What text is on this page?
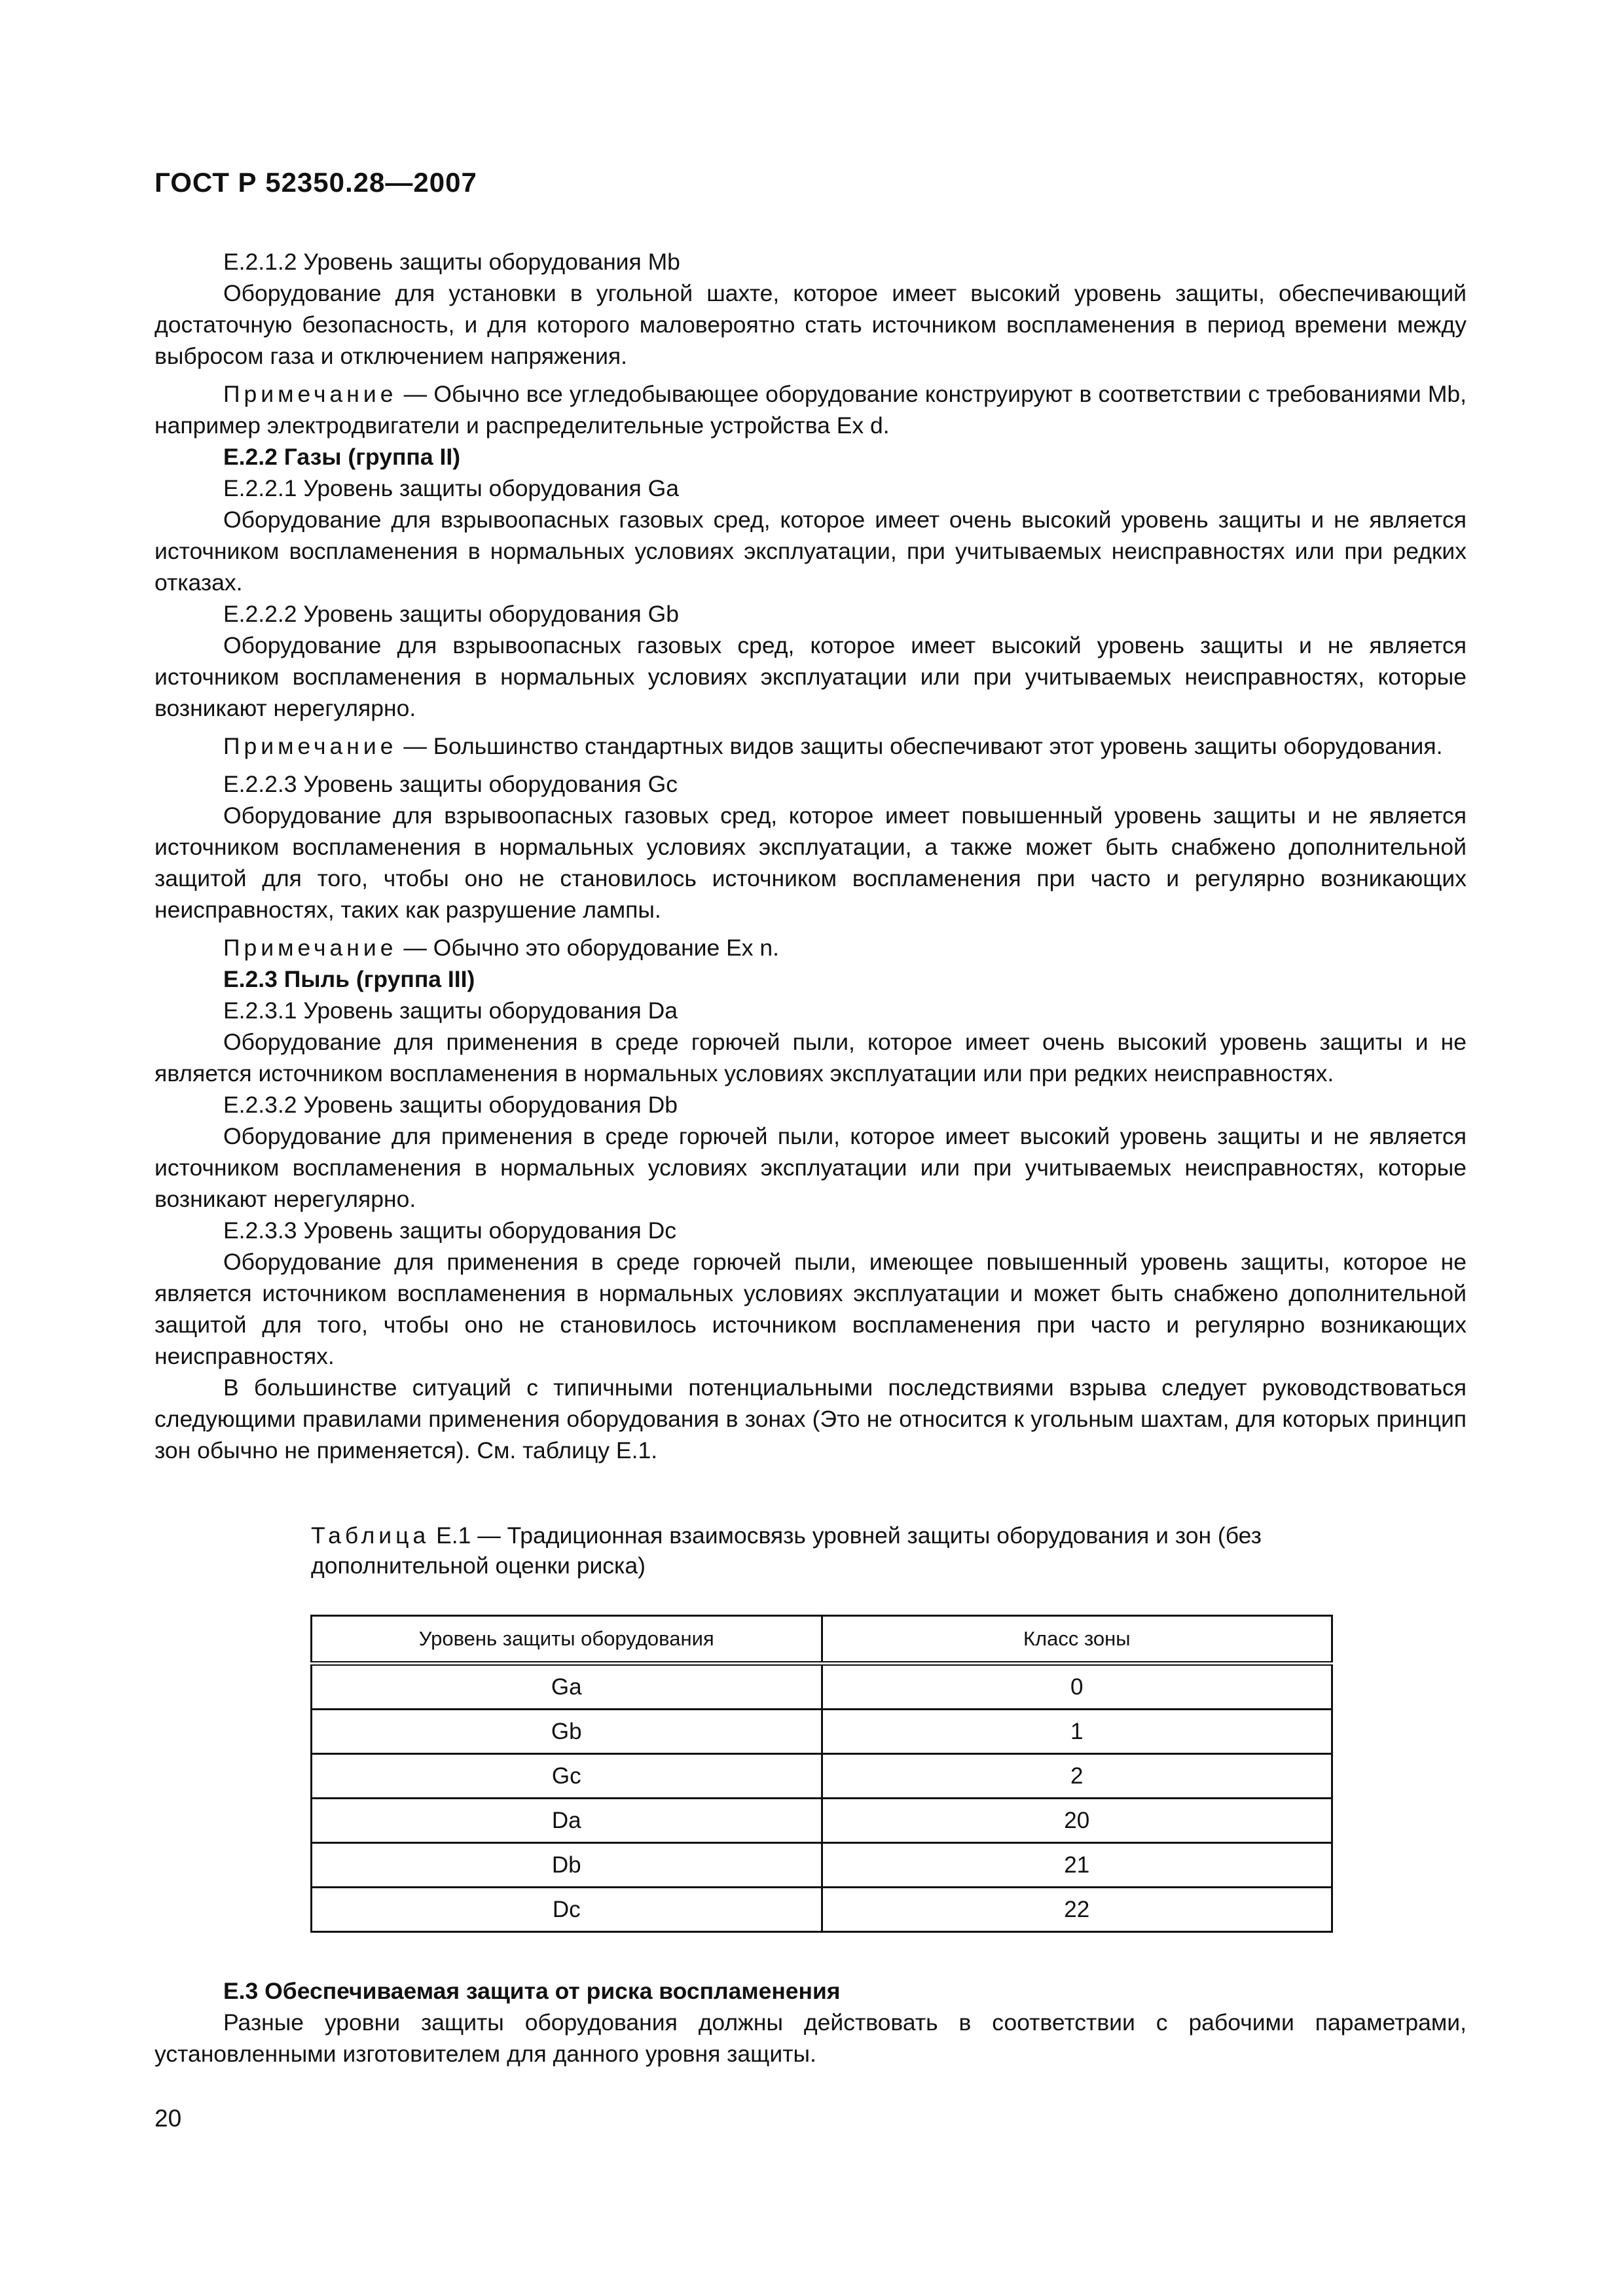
ГОСТ Р 52350.28—2007

Е.2.1.2 Уровень защиты оборудования Mb

Оборудование для установки в угольной шахте, которое имеет высокий уровень защиты, обеспечивающий достаточную безопасность, и для которого маловероятно стать источником воспламенения в период времени между выбросом газа и отключением напряжения.

Примечание — Обычно все угледобывающее оборудование конструируют в соответствии с требованиями Mb, например электродвигатели и распределительные устройства Ex d.

Е.2.2 Газы (группа II)

Е.2.2.1 Уровень защиты оборудования Ga

Оборудование для взрывоопасных газовых сред, которое имеет очень высокий уровень защиты и не является источником воспламенения в нормальных условиях эксплуатации, при учитываемых неисправностях или при редких отказах.

Е.2.2.2 Уровень защиты оборудования Gb

Оборудование для взрывоопасных газовых сред, которое имеет высокий уровень защиты и не является источником воспламенения в нормальных условиях эксплуатации или при учитываемых неисправностях, которые возникают нерегулярно.

Примечание — Большинство стандартных видов защиты обеспечивают этот уровень защиты оборудования.

Е.2.2.3 Уровень защиты оборудования Gc

Оборудование для взрывоопасных газовых сред, которое имеет повышенный уровень защиты и не является источником воспламенения в нормальных условиях эксплуатации, а также может быть снабжено дополнительной защитой для того, чтобы оно не становилось источником воспламенения при часто и регулярно возникающих неисправностях, таких как разрушение лампы.

Примечание — Обычно это оборудование Ex n.

Е.2.3 Пыль (группа III)

Е.2.3.1 Уровень защиты оборудования Da

Оборудование для применения в среде горючей пыли, которое имеет очень высокий уровень защиты и не является источником воспламенения в нормальных условиях эксплуатации или при редких неисправностях.

Е.2.3.2 Уровень защиты оборудования Db

Оборудование для применения в среде горючей пыли, которое имеет высокий уровень защиты и не является источником воспламенения в нормальных условиях эксплуатации или при учитываемых неисправностях, которые возникают нерегулярно.

Е.2.3.3 Уровень защиты оборудования Dc

Оборудование для применения в среде горючей пыли, имеющее повышенный уровень защиты, которое не является источником воспламенения в нормальных условиях эксплуатации и может быть снабжено дополнительной защитой для того, чтобы оно не становилось источником воспламенения при часто и регулярно возникающих неисправностях.

В большинстве ситуаций с типичными потенциальными последствиями взрыва следует руководствоваться следующими правилами применения оборудования в зонах (Это не относится к угольным шахтам, для которых принцип зон обычно не применяется). См. таблицу Е.1.

Таблица Е.1 — Традиционная взаимосвязь уровней защиты оборудования и зон (без дополнительной оценки риска)
Уровень защиты оборудования	Класс зоны
Ga	0
Gb	1
Gc	2
Da	20
Db	21
Dc	22

Е.3 Обеспечиваемая защита от риска воспламенения

Разные уровни защиты оборудования должны действовать в соответствии с рабочими параметрами, установленными изготовителем для данного уровня защиты.

20
